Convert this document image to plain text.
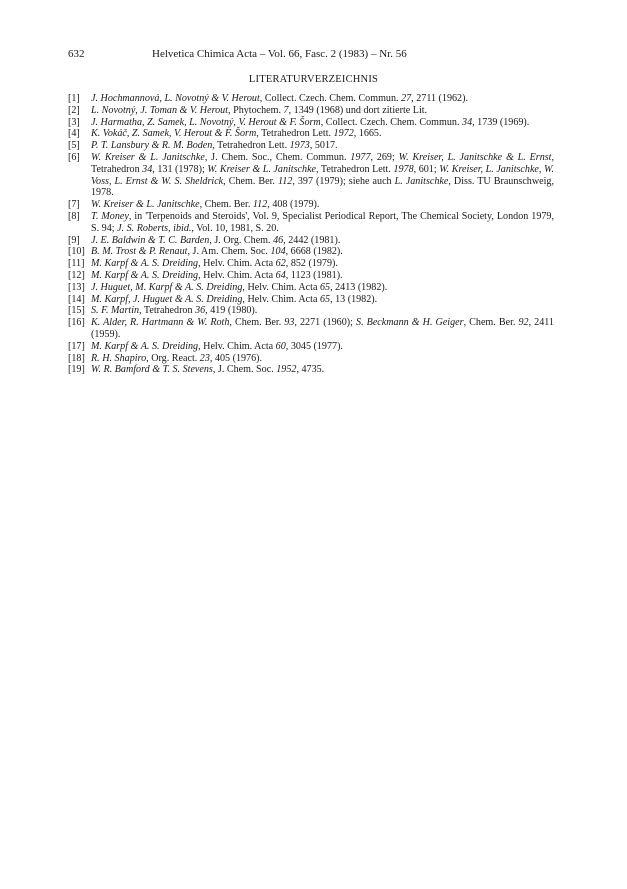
632	Helvetica Chimica Acta – Vol. 66, Fasc. 2 (1983) – Nr. 56
LITERATURVERZEICHNIS
[1] J. Hochmannová, L. Novotný & V. Herout, Collect. Czech. Chem. Commun. 27, 2711 (1962).
[2] L. Novotný, J. Toman & V. Herout, Phytochem. 7, 1349 (1968) und dort zitierte Lit.
[3] J. Harmatha, Z. Samek, L. Novotný, V. Herout & F. Šorm, Collect. Czech. Chem. Commun. 34, 1739 (1969).
[4] K. Vokáč, Z. Samek, V. Herout & F. Šorm, Tetrahedron Lett. 1972, 1665.
[5] P. T. Lansbury & R. M. Boden, Tetrahedron Lett. 1973, 5017.
[6] W. Kreiser & L. Janitschke, J. Chem. Soc., Chem. Commun. 1977, 269; W. Kreiser, L. Janitschke & L. Ernst, Tetrahedron 34, 131 (1978); W. Kreiser & L. Janitschke, Tetrahedron Lett. 1978, 601; W. Kreiser, L. Janitschke, W. Voss, L. Ernst & W. S. Sheldrick, Chem. Ber. 112, 397 (1979); siehe auch L. Janitschke, Diss. TU Braunschweig, 1978.
[7] W. Kreiser & L. Janitschke, Chem. Ber. 112, 408 (1979).
[8] T. Money, in 'Terpenoids and Steroids', Vol. 9, Specialist Periodical Report, The Chemical Society, London 1979, S. 94; J. S. Roberts, ibid., Vol. 10, 1981, S. 20.
[9] J. E. Baldwin & T. C. Barden, J. Org. Chem. 46, 2442 (1981).
[10] B. M. Trost & P. Renaut, J. Am. Chem. Soc. 104, 6668 (1982).
[11] M. Karpf & A. S. Dreiding, Helv. Chim. Acta 62, 852 (1979).
[12] M. Karpf & A. S. Dreiding, Helv. Chim. Acta 64, 1123 (1981).
[13] J. Huguet, M. Karpf & A. S. Dreiding, Helv. Chim. Acta 65, 2413 (1982).
[14] M. Karpf, J. Huguet & A. S. Dreiding, Helv. Chim. Acta 65, 13 (1982).
[15] S. F. Martin, Tetrahedron 36, 419 (1980).
[16] K. Alder, R. Hartmann & W. Roth, Chem. Ber. 93, 2271 (1960); S. Beckmann & H. Geiger, Chem. Ber. 92, 2411 (1959).
[17] M. Karpf & A. S. Dreiding, Helv. Chim. Acta 60, 3045 (1977).
[18] R. H. Shapiro, Org. React. 23, 405 (1976).
[19] W. R. Bamford & T. S. Stevens, J. Chem. Soc. 1952, 4735.
